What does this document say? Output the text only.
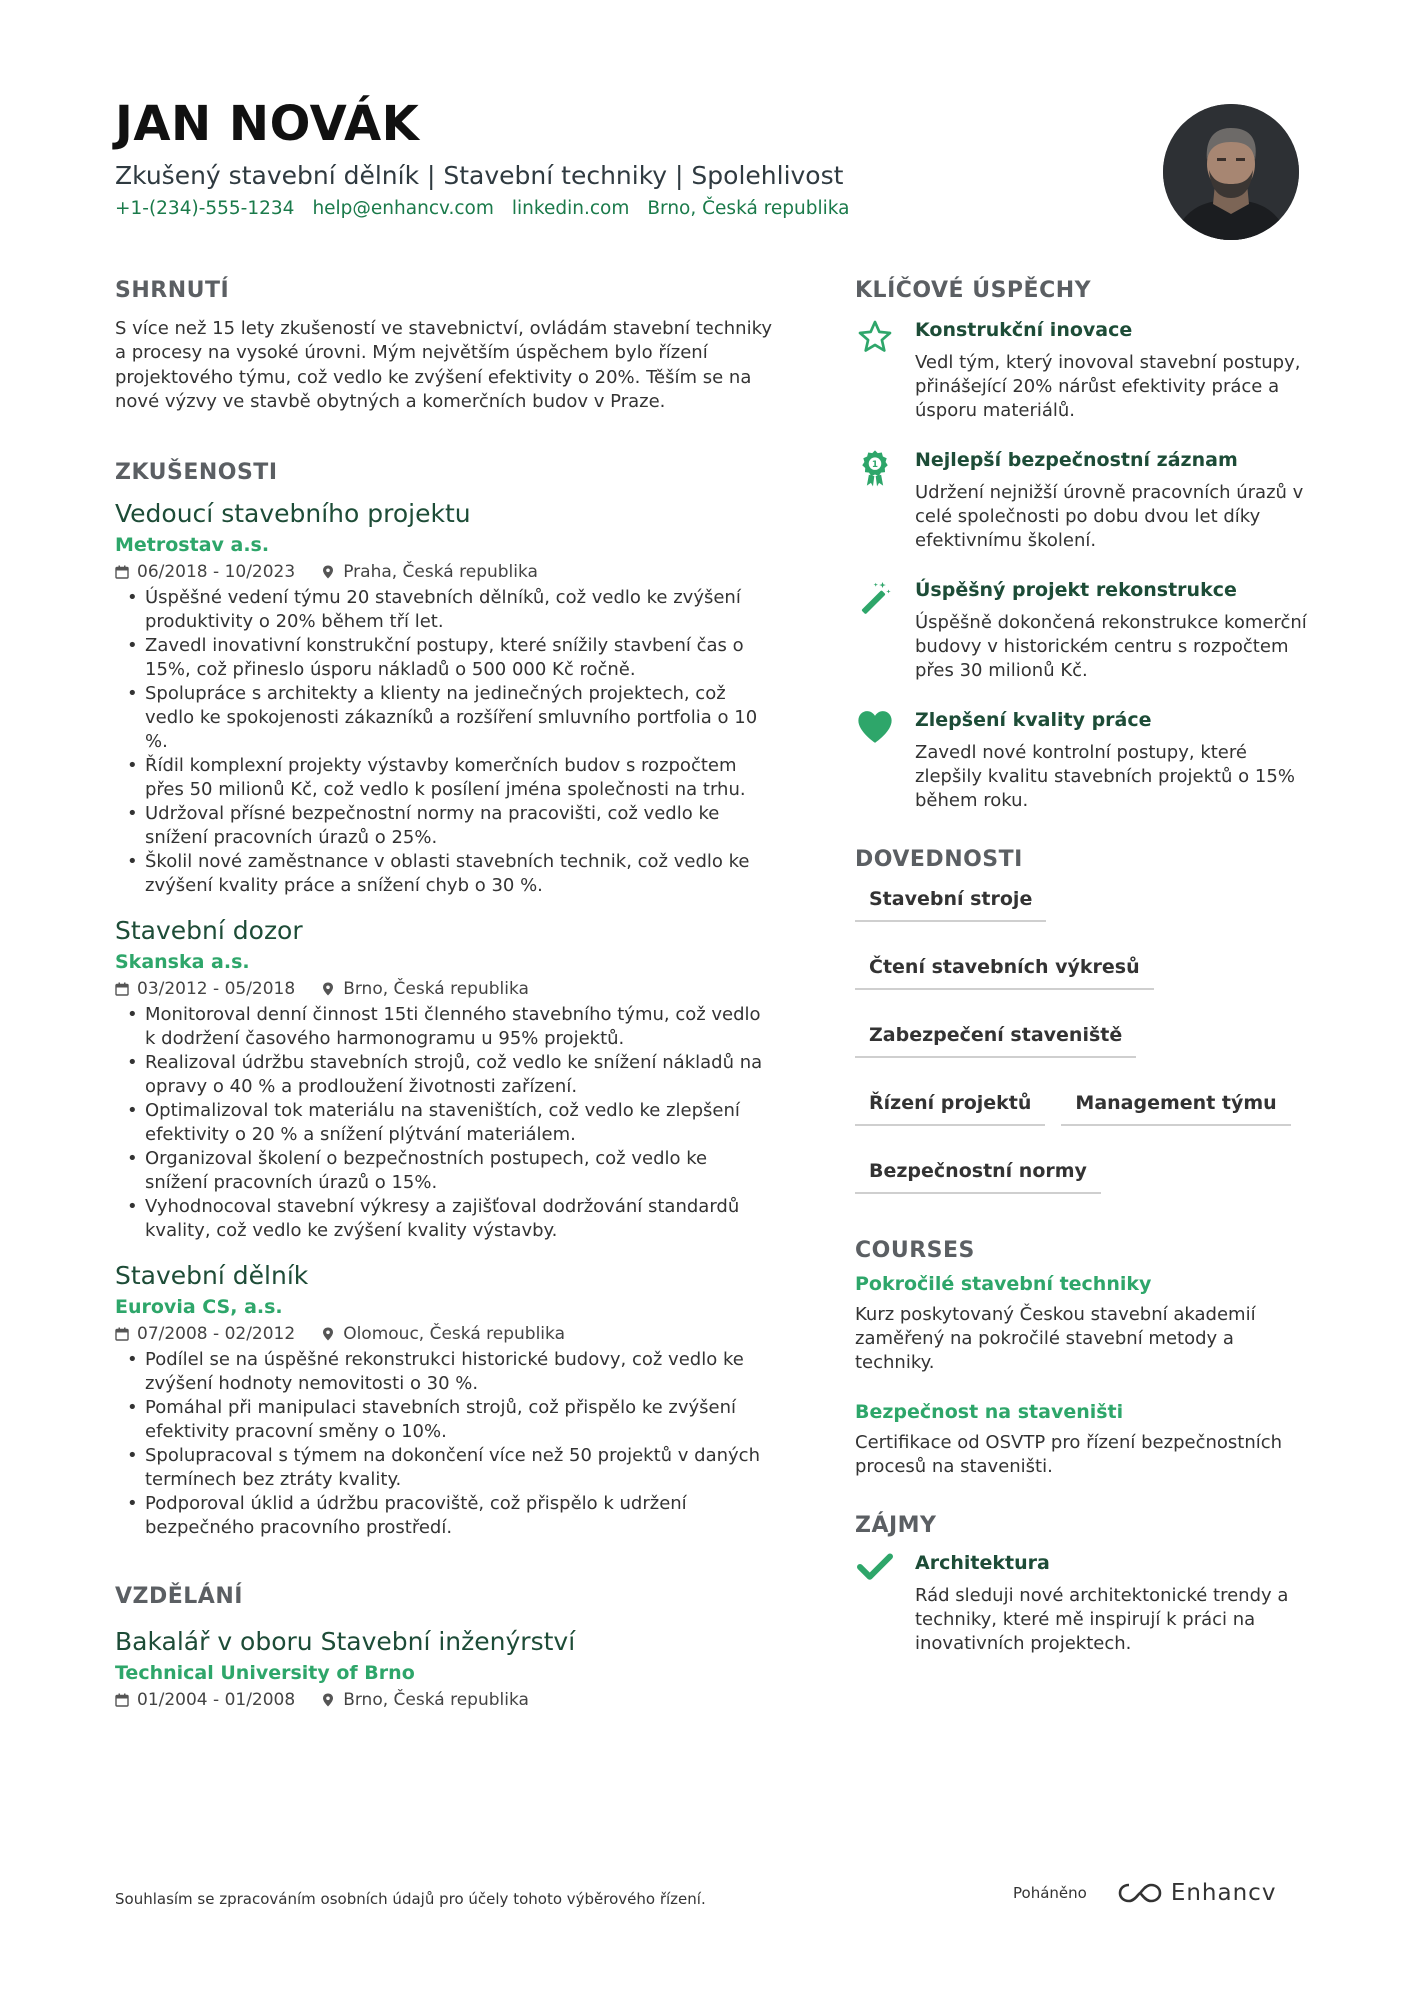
JAN NOVÁK
Zkušený stavební dělník | Stavební techniky | Spolehlivost
+1-(234)-555-1234 help@enhancv.com linkedin.com Brno, Česká republika
SHRNUTÍ
S více než 15 lety zkušeností ve stavebnictví, ovládám stavební techniky a procesy na vysoké úrovni. Mým největším úspěchem bylo řízení projektového týmu, což vedlo ke zvýšení efektivity o 20%. Těším se na nové výzvy ve stavbě obytných a komerčních budov v Praze.
ZKUŠENOSTI
Vedoucí stavebního projektu
Metrostav a.s.
06/2018 - 10/2023	Praha, Česká republika
• Úspěšné vedení týmu 20 stavebních dělníků, což vedlo ke zvýšení produktivity o 20% během tří let.
• Zavedl inovativní konstrukční postupy, které snížily stavbení čas o 15%, což přineslo úsporu nákladů o 500 000 Kč ročně.
• Spolupráce s architekty a klienty na jedinečných projektech, což vedlo ke spokojenosti zákazníků a rozšíření smluvního portfolia o 10 %.
• Řídil komplexní projekty výstavby komerčních budov s rozpočtem přes 50 milionů Kč, což vedlo k posílení jména společnosti na trhu.
• Udržoval přísné bezpečnostní normy na pracovišti, což vedlo ke snížení pracovních úrazů o 25%.
• Školil nové zaměstnance v oblasti stavebních technik, což vedlo ke zvýšení kvality práce a snížení chyb o 30 %.
Stavební dozor
Skanska a.s.
03/2012 - 05/2018	Brno, Česká republika
• Monitoroval denní činnost 15ti členného stavebního týmu, což vedlo k dodržení časového harmonogramu u 95% projektů.
• Realizoval údržbu stavebních strojů, což vedlo ke snížení nákladů na opravy o 40 % a prodloužení životnosti zařízení.
• Optimalizoval tok materiálu na staveništích, což vedlo ke zlepšení efektivity o 20 % a snížení plýtvání materiálem.
• Organizoval školení o bezpečnostních postupech, což vedlo ke snížení pracovních úrazů o 15%.
• Vyhodnocoval stavební výkresy a zajišťoval dodržování standardů kvality, což vedlo ke zvýšení kvality výstavby.
Stavební dělník
Eurovia CS, a.s.
07/2008 - 02/2012	Olomouc, Česká republika
• Podílel se na úspěšné rekonstrukci historické budovy, což vedlo ke zvýšení hodnoty nemovitosti o 30 %.
• Pomáhal při manipulaci stavebních strojů, což přispělo ke zvýšení efektivity pracovní směny o 10%.
• Spolupracoval s týmem na dokončení více než 50 projektů v daných termínech bez ztráty kvality.
• Podporoval úklid a údržbu pracoviště, což přispělo k udržení bezpečného pracovního prostředí.
VZDĚLÁNÍ
Bakalář v oboru Stavební inženýrství
Technical University of Brno
01/2004 - 01/2008	Brno, Česká republika
KLÍČOVÉ ÚSPĚCHY
Konstrukční inovace
Vedl tým, který inovoval stavební postupy, přinášející 20% nárůst efektivity práce a úsporu materiálů.
1 Nejlepší bezpečnostní záznam
Udržení nejnižší úrovně pracovních úrazů v celé společnosti po dobu dvou let díky efektivnímu školení.
Úspěšný projekt rekonstrukce
Úspěšně dokončená rekonstrukce komerční budovy v historickém centru s rozpočtem přes 30 milionů Kč.
Zlepšení kvality práce
Zavedl nové kontrolní postupy, které zlepšily kvalitu stavebních projektů o 15% během roku.
DOVEDNOSTI
Stavební stroje
Čtení stavebních výkresů
Zabezpečení staveniště
Řízení projektů	Management týmu
Bezpečnostní normy
COURSES
Pokročilé stavební techniky
Kurz poskytovaný Českou stavební akademií zaměřený na pokročilé stavební metody a techniky.
Bezpečnost na staveništi
Certifikace od OSVTP pro řízení bezpečnostních procesů na staveništi.
ZÁJMY
Architektura
Rád sleduji nové architektonické trendy a techniky, které mě inspirují k práci na inovativních projektech.
Souhlasím se zpracováním osobních údajů pro účely tohoto výběrového řízení.	Poháněno	Enhancv
